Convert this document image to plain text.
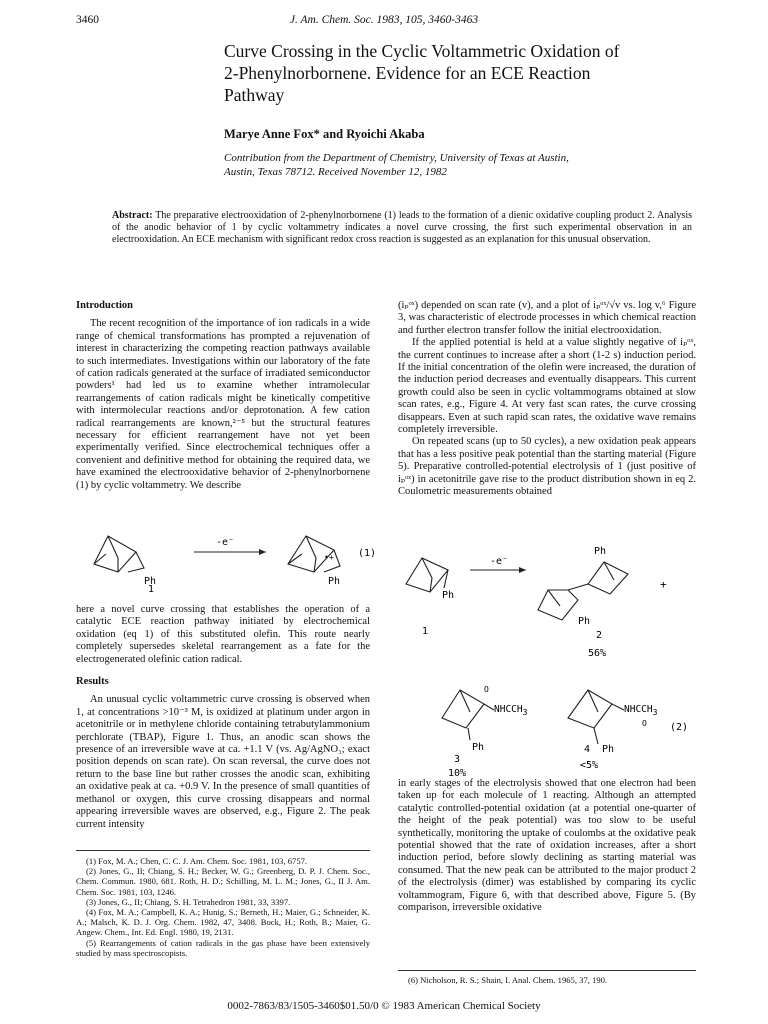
3460	J. Am. Chem. Soc. 1983, 105, 3460-3463
Curve Crossing in the Cyclic Voltammetric Oxidation of
2-Phenylnorbornene. Evidence for an ECE Reaction
Pathway
Marye Anne Fox* and Ryoichi Akaba
Contribution from the Department of Chemistry, University of Texas at Austin,
Austin, Texas 78712. Received November 12, 1982
Abstract: The preparative electrooxidation of 2-phenylnorbornene (1) leads to the formation of a dienic oxidative coupling product 2. Analysis of the anodic behavior of 1 by cyclic voltammetry indicates a novel curve crossing, the first such experimental observation in an electrooxidation. An ECE mechanism with significant redox cross reaction is suggested as an explanation for this unusual observation.
Introduction

The recent recognition of the importance of ion radicals in a wide range of chemical transformations has prompted a rejuvenation of interest in characterizing the competing reaction pathways available to such intermediates. Investigations within our laboratory of the fate of cation radicals generated at the surface of irradiated semiconductor powders¹ had led us to examine whether intramolecular rearrangements of cation radicals might be kinetically competitive with intermolecular reactions and/or deprotonation. A few cation radical rearrangements are known,²⁻⁵ but the structural features necessary for efficient rearrangement have not yet been experimentally verified. Since electrochemical techniques offer a convenient and definitive method for obtaining the required data, we have examined the electrooxidative behavior of 2-phenylnorbornene (1) by cyclic voltammetry. We describe

Ph
-e⁻
•+
Ph
(1)
1

here a novel curve crossing that establishes the operation of a catalytic ECE reaction pathway initiated by electrochemical oxidation (eq 1) of this substituted olefin. This route nearly completely supersedes skeletal rearrangement as a fate for the electrogenerated olefinic cation radical.

Results

An unusual cyclic voltammetric curve crossing is observed when 1, at concentrations >10⁻³ M, is oxidized at platinum under argon in acetonitrile or in methylene chloride containing tetrabutylammonium perchlorate (TBAP), Figure 1. Thus, an anodic scan shows the presence of an irreversible wave at ca. +1.1 V (vs. Ag/AgNO₃; exact position depends on scan rate). On scan reversal, the curve does not return to the base line but rather crosses the anodic scan, exhibiting an oxidative peak at ca. +0.9 V. In the presence of small quantities of methanol or oxygen, this curve crossing disappears and normal appearing irreversible waves are observed, e.g., Figure 2. The peak current intensity

(1) Fox, M. A.; Chen, C. C. J. Am. Chem. Soc. 1981, 103, 6757.

(2) Jones, G., II; Chiang, S. H.; Becker, W. G.; Greenberg, D. P. J. Chem. Soc., Chem. Commun. 1980, 681. Roth, H. D.; Schilling, M. L. M.; Jones, G., II J. Am. Chem. Soc. 1981, 103, 1246.

(3) Jones, G., II; Chiang, S. H. Tetrahedron 1981, 33, 3397.

(4) Fox, M. A.; Campbell, K. A.; Hunig, S.; Berneth, H.; Maier, G.; Schneider, K. A.; Malsch, K. D. J. Org. Chem. 1982, 47, 3408. Bock, H.; Roth, B.; Maier, G. Angew. Chem., Int. Ed. Engl. 1980, 19, 2131.

(5) Rearrangements of cation radicals in the gas phase have been extensively studied by mass spectroscopists.

(iₚᵒˣ) depended on scan rate (v), and a plot of iₚᵒˣ/√v vs. log v,⁶ Figure 3, was characteristic of electrode processes in which chemical reaction and further electron transfer follow the initial electrooxidation.

If the applied potential is held at a value slightly negative of iₚᵒˣ, the current continues to increase after a short (1-2 s) induction period. If the initial concentration of the olefin were increased, the duration of the induction period decreases and eventually disappears. This current growth could also be seen in cyclic voltammograms obtained at slow scan rates, e.g., Figure 4. At very fast scan rates, the curve crossing disappears. Even at such rapid scan rates, the oxidative wave remains completely irreversible.

On repeated scans (up to 50 cycles), a new oxidation peak appears that has a less positive peak potential than the starting material (Figure 5). Preparative controlled-potential electrolysis of 1 (just positive of iₚᵒˣ) in acetonitrile gave rise to the product distribution shown in eq 2. Coulometric measurements obtained

Ph
-e⁻
Ph
Ph
+
1	2
56%
O
$NHCCH_3$
Ph
3
10%
$NHCCH_3$
O
4 Ph
<5%
(2)

in early stages of the electrolysis showed that one electron had been taken up for each molecule of 1 reacting. Although an attempted catalytic controlled-potential oxidation (at a potential one-quarter of the height of the peak potential) was too slow to be useful synthetically, monitoring the uptake of coulombs at the oxidative peak potential showed that the rate of oxidation increases, after a short induction period, before slowly declining as starting material was consumed. That the new peak can be attributed to the major product 2 of the electrolysis (dimer) was established by comparing its cyclic voltammogram, Figure 6, with that described above, Figure 5. (By comparison, irreversible oxidative

(6) Nicholson, R. S.; Shain, I. Anal. Chem. 1965, 37, 190.

0002-7863/83/1505-3460$01.50/0 © 1983 American Chemical Society
